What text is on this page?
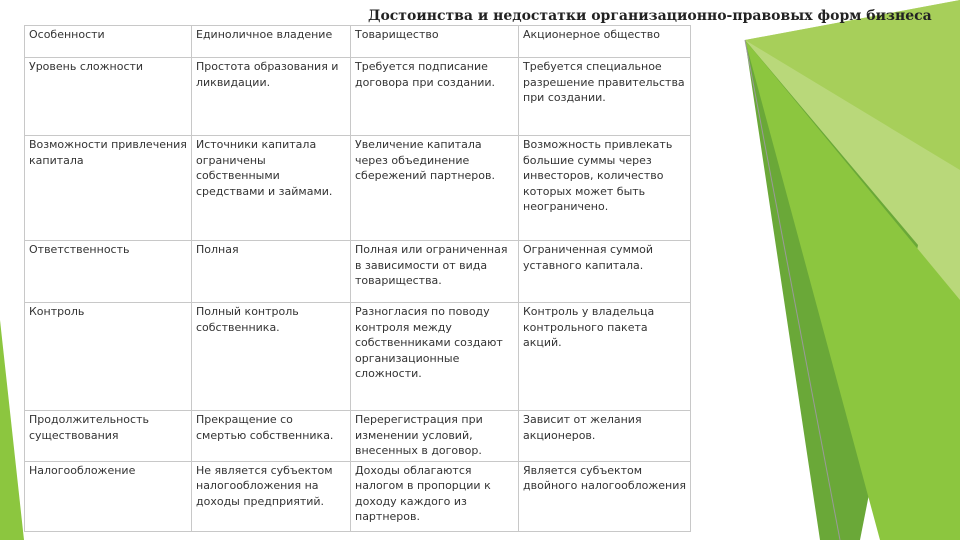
Достоинства и недостатки организационно-правовых форм бизнеса
Особенности	Единоличное владение	Товарищество	Акционерное общество
Уровень сложности	Простота образования и ликвидации.	Требуется подписание договора при создании.	Требуется специальное разрешение правительства при создании.
Возможности привлечения капитала	Источники капитала ограничены собственными средствами и займами.	Увеличение капитала через объединение сбережений партнеров.	Возможность привлекать большие суммы через инвесторов, количество которых может быть неограничено.
Ответственность	Полная	Полная или ограниченная в зависимости от вида товарищества.	Ограниченная суммой уставного капитала.
Контроль	Полный контроль собственника.	Разногласия по поводу контроля между собственниками создают организационные сложности.	Контроль у владельца контрольного пакета акций.
Продолжительность существования	Прекращение со смертью собственника.	Перерегистрация при изменении условий, внесенных в договор.	Зависит от желания акционеров.
Налогообложение	Не является субъектом налогообложения на доходы предприятий.	Доходы облагаются налогом в пропорции к доходу каждого из партнеров.	Является субъектом двойного налогообложения
